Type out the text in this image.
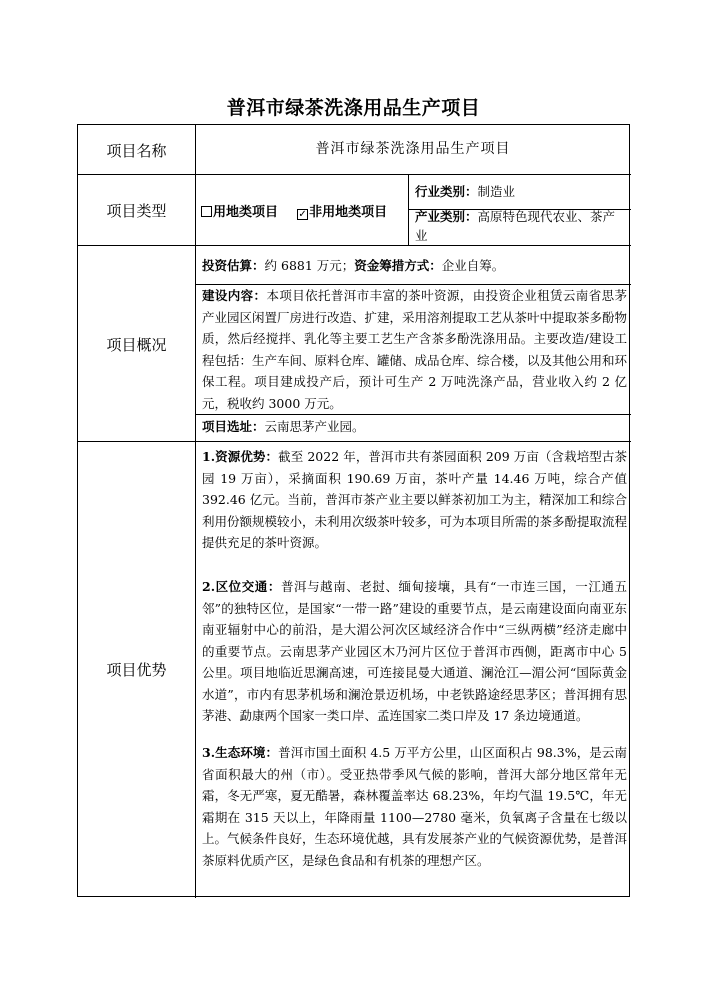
普洱市绿茶洗涤用品生产项目
项目名称	普洱市绿茶洗涤用品生产项目
项目类型	用地类项目 ✓ 非用地类项目
行业类别：制造业
产业类别：高原特色现代农业、茶产业
项目概况
投资估算：约 6881 万元；资金筹措方式：企业自筹。
建设内容：本项目依托普洱市丰富的茶叶资源，由投资企业租赁云南省思茅产业园区闲置厂房进行改造、扩建，采用溶剂提取工艺从茶叶中提取茶多酚物质，然后经搅拌、乳化等主要工艺生产含茶多酚洗涤用品。主要改造/建设工程包括：生产车间、原料仓库、罐储、成品仓库、综合楼，以及其他公用和环保工程。项目建成投产后，预计可生产 2 万吨洗涤产品，营业收入约 2 亿元，税收约 3000 万元。
项目选址：云南思茅产业园。
项目优势
1.资源优势：截至 2022 年，普洱市共有茶园面积 209 万亩（含栽培型古茶园 19 万亩），采摘面积 190.69 万亩，茶叶产量 14.46 万吨，综合产值 392.46 亿元。当前，普洱市茶产业主要以鲜茶初加工为主，精深加工和综合利用份额规模较小，未利用次级茶叶较多，可为本项目所需的茶多酚提取流程提供充足的茶叶资源。
2.区位交通：普洱与越南、老挝、缅甸接壤，具有“一市连三国，一江通五邻”的独特区位，是国家“一带一路”建设的重要节点，是云南建设面向南亚东南亚辐射中心的前沿，是大湄公河次区域经济合作中“三纵两横”经济走廊中的重要节点。云南思茅产业园区木乃河片区位于普洱市西侧，距离市中心 5 公里。项目地临近思澜高速，可连接昆曼大通道、澜沧江—湄公河“国际黄金水道”，市内有思茅机场和澜沧景迈机场，中老铁路途经思茅区；普洱拥有思茅港、勐康两个国家一类口岸、孟连国家二类口岸及 17 条边境通道。
3.生态环境：普洱市国土面积 4.5 万平方公里，山区面积占 98.3%，是云南省面积最大的州（市）。受亚热带季风气候的影响，普洱大部分地区常年无霜，冬无严寒，夏无酷暑，森林覆盖率达 68.23%，年均气温 19.5℃，年无霜期在 315 天以上，年降雨量 1100—2780 毫米，负氧离子含量在七级以上。气候条件良好，生态环境优越，具有发展茶产业的气候资源优势，是普洱茶原料优质产区，是绿色食品和有机茶的理想产区。
